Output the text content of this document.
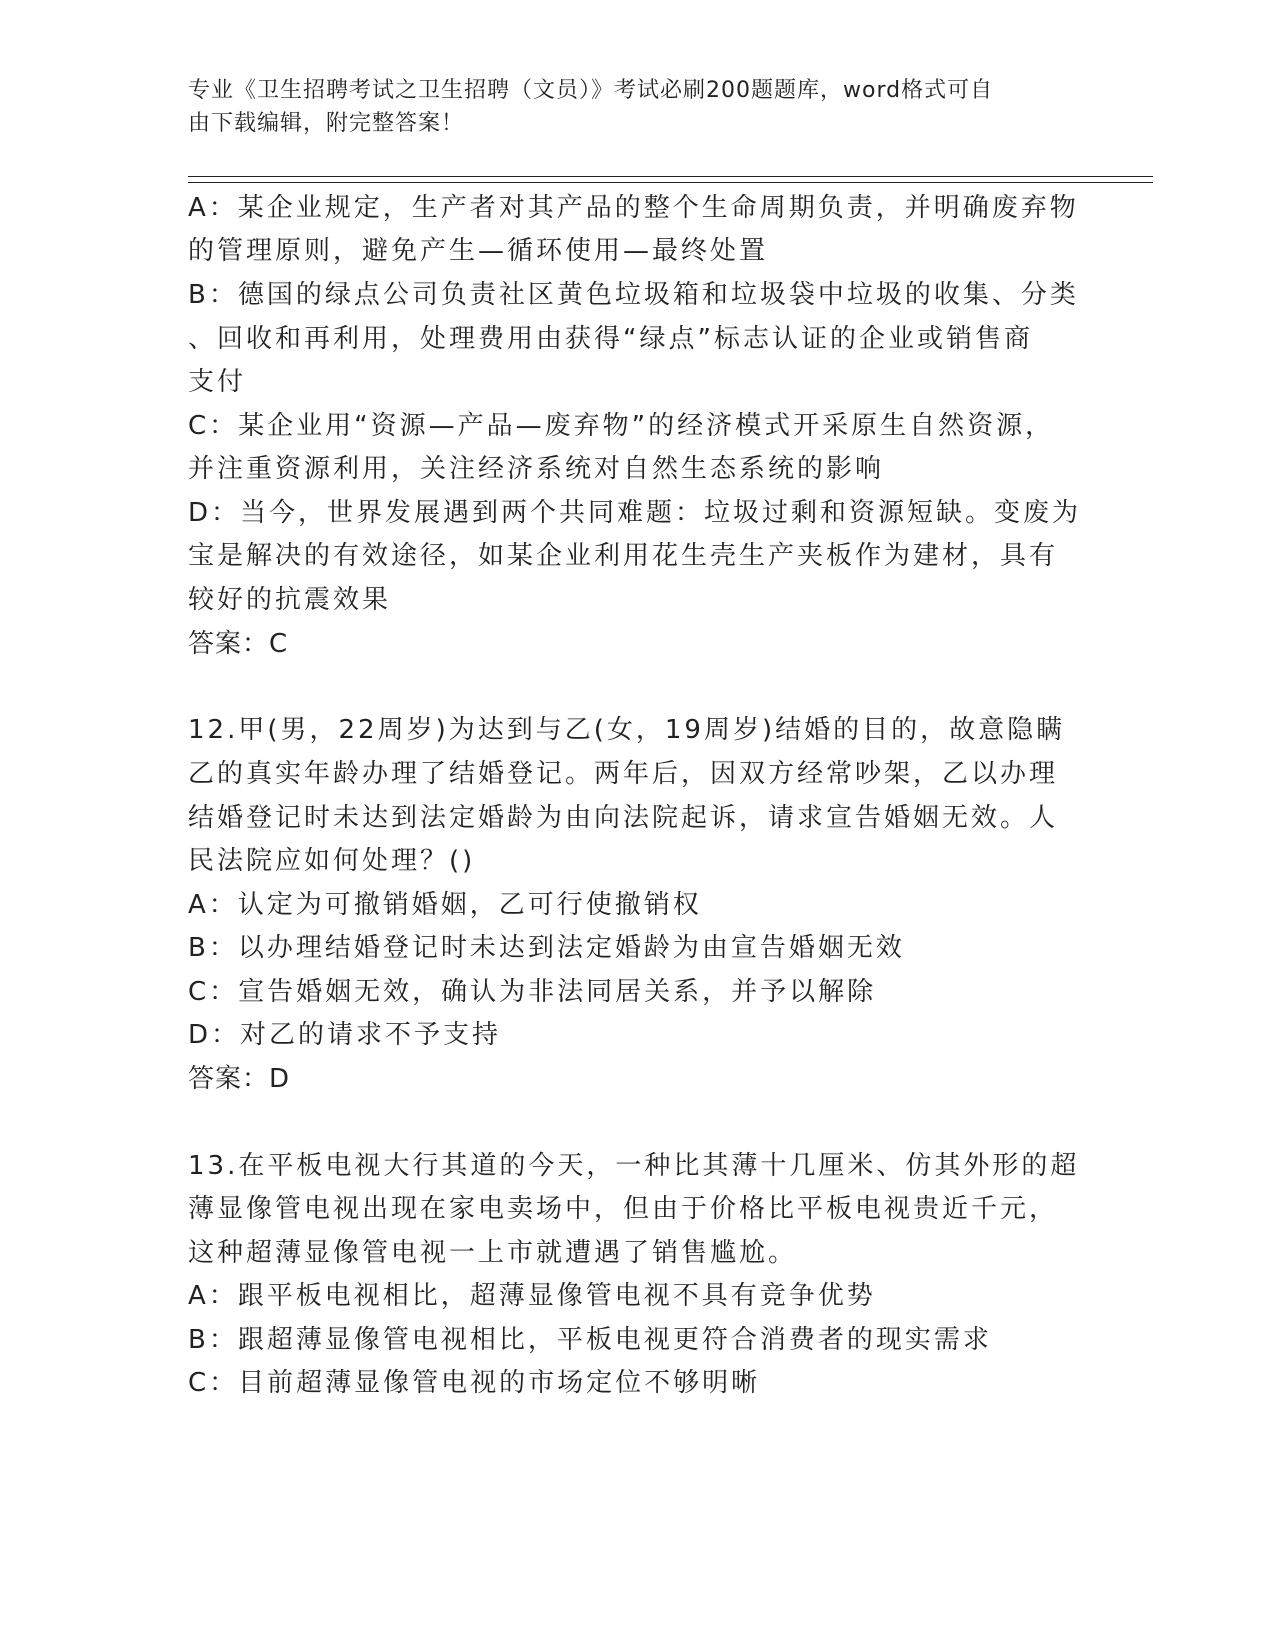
专业《卫生招聘考试之卫生招聘（文员）》考试必刷200题题库，word格式可自
由下载编辑，附完整答案！
A：某企业规定，生产者对其产品的整个生命周期负责，并明确废弃物
的管理原则，避免产生—循环使用—最终处置
B：德国的绿点公司负责社区黄色垃圾箱和垃圾袋中垃圾的收集、分类
、回收和再利用，处理费用由获得“绿点”标志认证的企业或销售商
支付
C：某企业用“资源—产品—废弃物”的经济模式开采原生自然资源，
并注重资源利用，关注经济系统对自然生态系统的影响
D：当今，世界发展遇到两个共同难题：垃圾过剩和资源短缺。变废为
宝是解决的有效途径，如某企业利用花生壳生产夹板作为建材，具有
较好的抗震效果
答案：C
12.甲(男，22周岁)为达到与乙(女，19周岁)结婚的目的，故意隐瞒
乙的真实年龄办理了结婚登记。两年后，因双方经常吵架，乙以办理
结婚登记时未达到法定婚龄为由向法院起诉，请求宣告婚姻无效。人
民法院应如何处理？()
A：认定为可撤销婚姻，乙可行使撤销权
B：以办理结婚登记时未达到法定婚龄为由宣告婚姻无效
C：宣告婚姻无效，确认为非法同居关系，并予以解除
D：对乙的请求不予支持
答案：D
13.在平板电视大行其道的今天，一种比其薄十几厘米、仿其外形的超
薄显像管电视出现在家电卖场中，但由于价格比平板电视贵近千元，
这种超薄显像管电视一上市就遭遇了销售尴尬。
A：跟平板电视相比，超薄显像管电视不具有竞争优势
B：跟超薄显像管电视相比，平板电视更符合消费者的现实需求
C：目前超薄显像管电视的市场定位不够明晰
